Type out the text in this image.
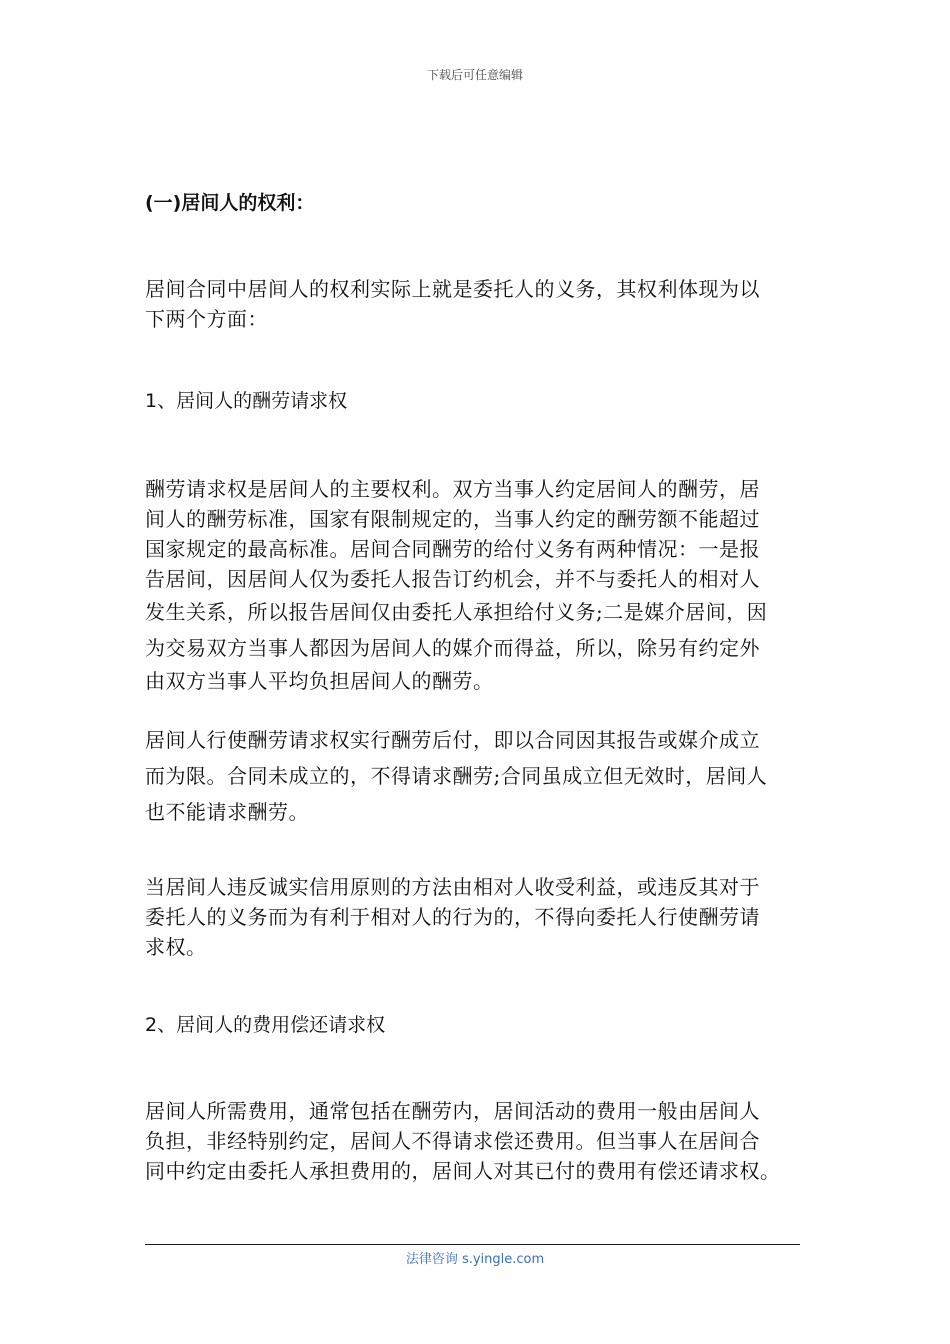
下载后可任意编辑
(一)居间人的权利：
居间合同中居间人的权利实际上就是委托人的义务，其权利体现为以
下两个方面：
1、居间人的酬劳请求权
酬劳请求权是居间人的主要权利。双方当事人约定居间人的酬劳，居
间人的酬劳标准，国家有限制规定的，当事人约定的酬劳额不能超过
国家规定的最高标准。居间合同酬劳的给付义务有两种情况：一是报
告居间，因居间人仅为委托人报告订约机会，并不与委托人的相对人
发生关系，所以报告居间仅由委托人承担给付义务;二是媒介居间，因
为交易双方当事人都因为居间人的媒介而得益，所以，除另有约定外
由双方当事人平均负担居间人的酬劳。
居间人行使酬劳请求权实行酬劳后付，即以合同因其报告或媒介成立
而为限。合同未成立的，不得请求酬劳;合同虽成立但无效时，居间人
也不能请求酬劳。
当居间人违反诚实信用原则的方法由相对人收受利益，或违反其对于
委托人的义务而为有利于相对人的行为的，不得向委托人行使酬劳请
求权。
2、居间人的费用偿还请求权
居间人所需费用，通常包括在酬劳内，居间活动的费用一般由居间人
负担，非经特别约定，居间人不得请求偿还费用。但当事人在居间合
同中约定由委托人承担费用的，居间人对其已付的费用有偿还请求权。
法律咨询 s.yingle.com
